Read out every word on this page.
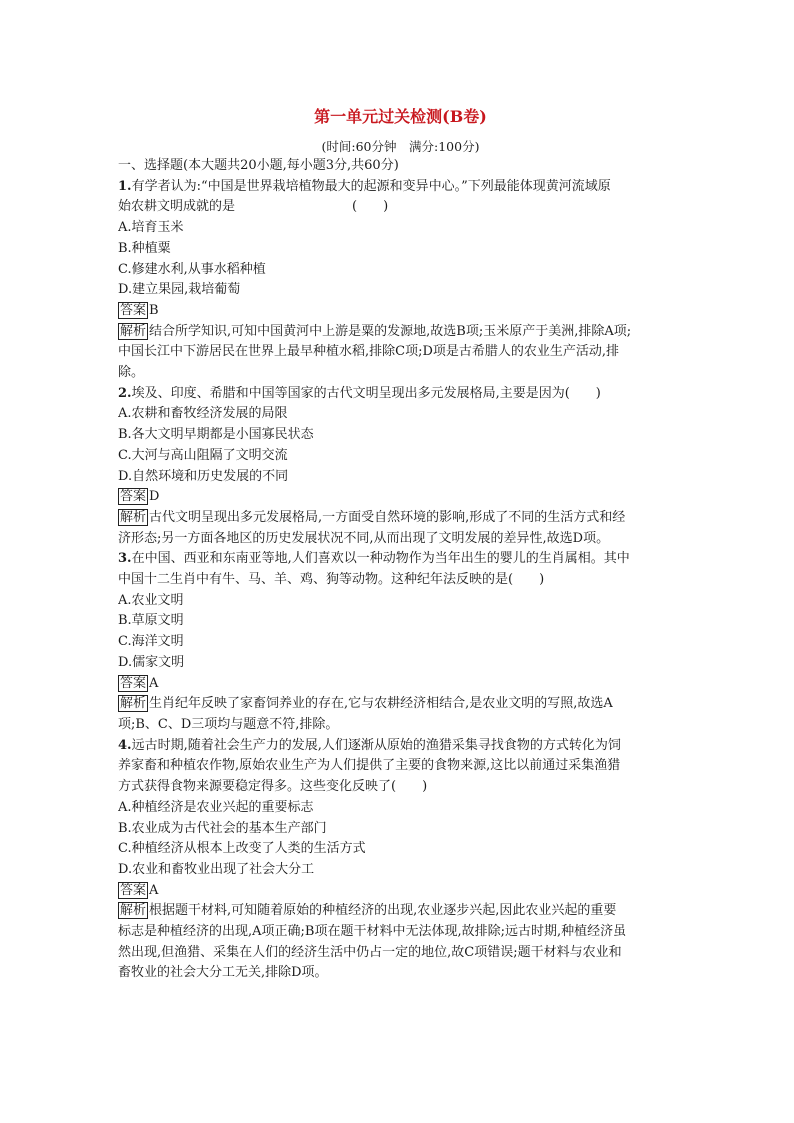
第一单元过关检测(B卷)
(时间:60分钟　满分:100分)
一、选择题(本大题共20小题,每小题3分,共60分)
1.有学者认为:“中国是世界栽培植物最大的起源和变异中心。”下列最能体现黄河流域原
始农耕文明成就的是　　　　　　　　　(　　)
A.培育玉米
B.种植粟
C.修建水利,从事水稻种植
D.建立果园,栽培葡萄
答案 B
解析 结合所学知识,可知中国黄河中上游是粟的发源地,故选B项;玉米原产于美洲,排除A项;
中国长江中下游居民在世界上最早种植水稻,排除C项;D项是古希腊人的农业生产活动,排
除。
2.埃及、印度、希腊和中国等国家的古代文明呈现出多元发展格局,主要是因为(　　)
A.农耕和畜牧经济发展的局限
B.各大文明早期都是小国寡民状态
C.大河与高山阻隔了文明交流
D.自然环境和历史发展的不同
答案 D
解析 古代文明呈现出多元发展格局,一方面受自然环境的影响,形成了不同的生活方式和经
济形态;另一方面各地区的历史发展状况不同,从而出现了文明发展的差异性,故选D项。
3.在中国、西亚和东南亚等地,人们喜欢以一种动物作为当年出生的婴儿的生肖属相。其中
中国十二生肖中有牛、马、羊、鸡、狗等动物。这种纪年法反映的是(　　)
A.农业文明
B.草原文明
C.海洋文明
D.儒家文明
答案 A
解析 生肖纪年反映了家畜饲养业的存在,它与农耕经济相结合,是农业文明的写照,故选A
项;B、C、D三项均与题意不符,排除。
4.远古时期,随着社会生产力的发展,人们逐渐从原始的渔猎采集寻找食物的方式转化为饲
养家畜和种植农作物,原始农业生产为人们提供了主要的食物来源,这比以前通过采集渔猎
方式获得食物来源要稳定得多。这些变化反映了(　　)
A.种植经济是农业兴起的重要标志
B.农业成为古代社会的基本生产部门
C.种植经济从根本上改变了人类的生活方式
D.农业和畜牧业出现了社会大分工
答案 A
解析 根据题干材料,可知随着原始的种植经济的出现,农业逐步兴起,因此农业兴起的重要
标志是种植经济的出现,A项正确;B项在题干材料中无法体现,故排除;远古时期,种植经济虽
然出现,但渔猎、采集在人们的经济生活中仍占一定的地位,故C项错误;题干材料与农业和
畜牧业的社会大分工无关,排除D项。
